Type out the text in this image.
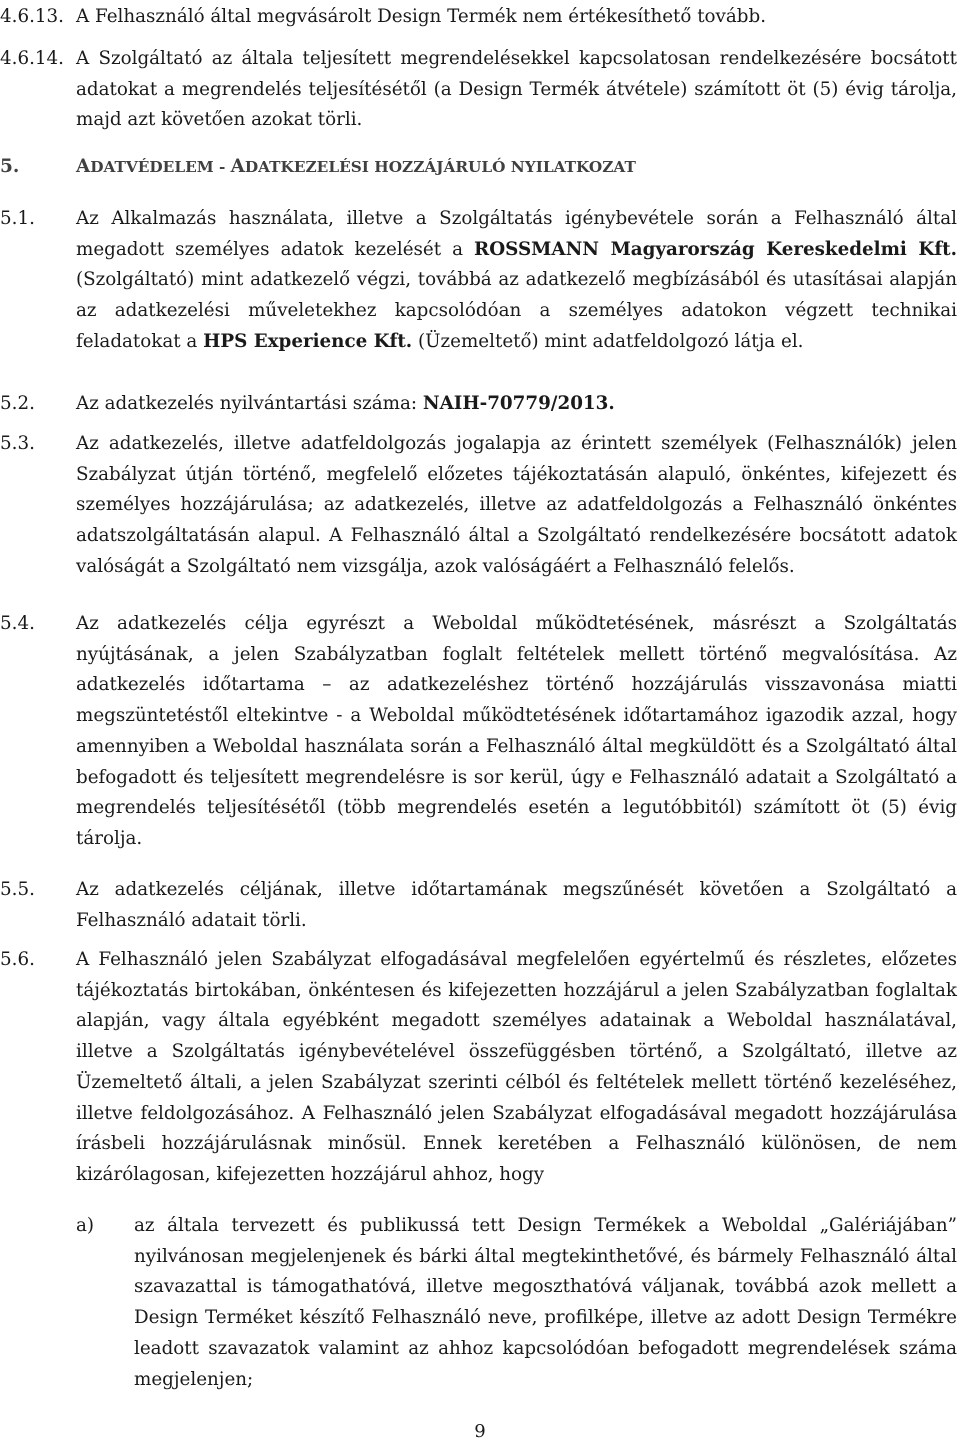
4.6.13. A Felhasználó által megvásárolt Design Termék nem értékesíthető tovább.
4.6.14. A Szolgáltató az általa teljesített megrendelésekkel kapcsolatosan rendelkezésére bocsátott adatokat a megrendelés teljesítésétől (a Design Termék átvétele) számított öt (5) évig tárolja, majd azt követően azokat törli.
5.	ADATVÉDELEM - ADATKEZELÉSI HOZZÁJÁRULÓ NYILATKOZAT
5.1.	Az Alkalmazás használata, illetve a Szolgáltatás igénybevétele során a Felhasználó által megadott személyes adatok kezelését a ROSSMANN Magyarország Kereskedelmi Kft. (Szolgáltató) mint adatkezelő végzi, továbbá az adatkezelő megbízásából és utasításai alapján az adatkezelési műveletekhez kapcsolódóan a személyes adatokon végzett technikai feladatokat a HPS Experience Kft. (Üzemeltető) mint adatfeldolgozó látja el.
5.2.	Az adatkezelés nyilvántartási száma: NAIH-70779/2013.
5.3.	Az adatkezelés, illetve adatfeldolgozás jogalapja az érintett személyek (Felhasználók) jelen Szabályzat útján történő, megfelelő előzetes tájékoztatásán alapuló, önkéntes, kifejezett és személyes hozzájárulása; az adatkezelés, illetve az adatfeldolgozás a Felhasználó önkéntes adatszolgáltatásán alapul. A Felhasználó által a Szolgáltató rendelkezésére bocsátott adatok valóságát a Szolgáltató nem vizsgálja, azok valóságáért a Felhasználó felelős.
5.4.	Az adatkezelés célja egyrészt a Weboldal működtetésének, másrészt a Szolgáltatás nyújtásának, a jelen Szabályzatban foglalt feltételek mellett történő megvalósítása. Az adatkezelés időtartama – az adatkezeléshez történő hozzájárulás visszavonása miatti megszüntetéstől eltekintve - a Weboldal működtetésének időtartamához igazodik azzal, hogy amennyiben a Weboldal használata során a Felhasználó által megküldött és a Szolgáltató által befogadott és teljesített megrendelésre is sor kerül, úgy e Felhasználó adatait a Szolgáltató a megrendelés teljesítésétől (több megrendelés esetén a legutóbbitól) számított öt (5) évig tárolja.
5.5.	Az adatkezelés céljának, illetve időtartamának megszűnését követően a Szolgáltató a Felhasználó adatait törli.
5.6.	A Felhasználó jelen Szabályzat elfogadásával megfelelően egyértelmű és részletes, előzetes tájékoztatás birtokában, önkéntesen és kifejezetten hozzájárul a jelen Szabályzatban foglaltak alapján, vagy általa egyébként megadott személyes adatainak a Weboldal használatával, illetve a Szolgáltatás igénybevételével összefüggésben történő, a Szolgáltató, illetve az Üzemeltető általi, a jelen Szabályzat szerinti célból és feltételek mellett történő kezeléséhez, illetve feldolgozásához. A Felhasználó jelen Szabályzat elfogadásával megadott hozzájárulása írásbeli hozzájárulásnak minősül. Ennek keretében a Felhasználó különösen, de nem kizárólagosan, kifejezetten hozzájárul ahhoz, hogy
a)	az általa tervezett és publikussá tett Design Termékek a Weboldal „Galériájában” nyilvánosan megjelenjenek és bárki által megtekinthetővé, és bármely Felhasználó által szavazattal is támogathatóvá, illetve megoszthatóvá váljanak, továbbá azok mellett a Design Terméket készítő Felhasználó neve, profilképe, illetve az adott Design Termékre leadott szavazatok valamint az ahhoz kapcsolódóan befogadott megrendelések száma megjelenjen;
9
